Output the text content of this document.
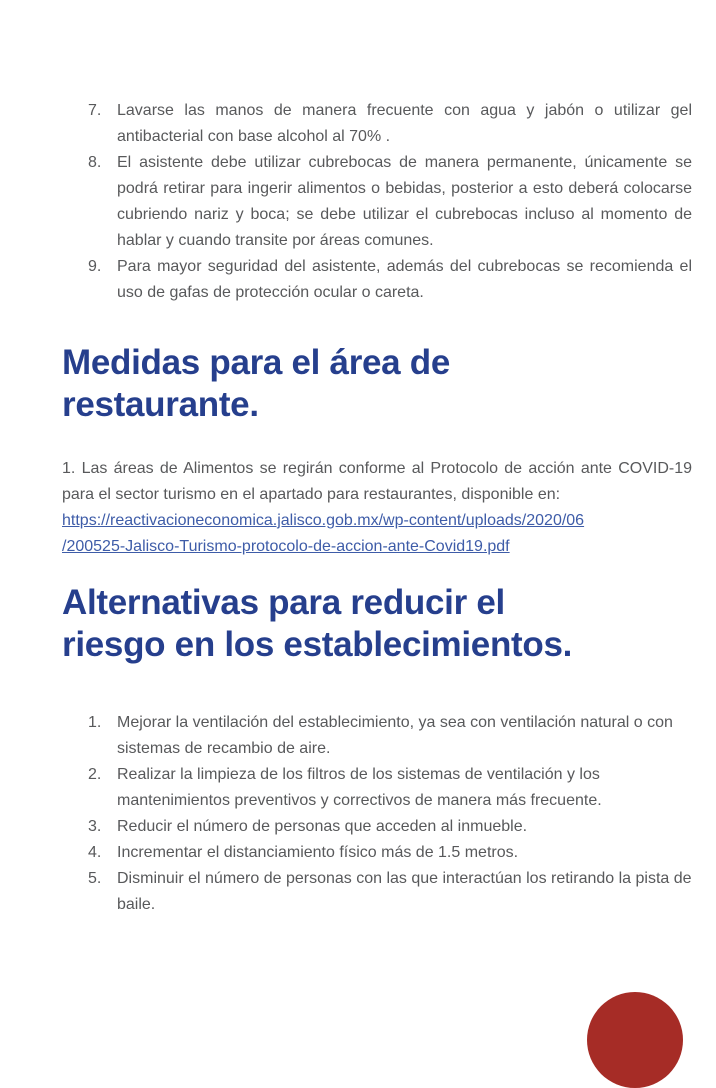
7. Lavarse las manos de manera frecuente con agua y jabón o utilizar gel antibacterial con base alcohol al 70% .
8. El asistente debe utilizar cubrebocas de manera permanente, únicamente se podrá retirar para ingerir alimentos o bebidas, posterior a esto deberá colocarse cubriendo nariz y boca; se debe utilizar el cubrebocas incluso al momento de hablar y cuando transite por áreas comunes.
9. Para mayor seguridad del asistente, además del cubrebocas se recomienda el uso de gafas de protección ocular o careta.
Medidas para el área de
restaurante.

1. Las áreas de Alimentos se regirán conforme al Protocolo de acción ante COVID-19 para el sector turismo en el apartado para restaurantes, disponible en:

https://reactivacioneconomica.jalisco.gob.mx/wp-content/uploads/2020/06
/200525-Jalisco-Turismo-protocolo-de-accion-ante-Covid19.pdf
Alternativas para reducir el
riesgo en los establecimientos.
1. Mejorar la ventilación del establecimiento, ya sea con ventilación natural o con sistemas de recambio de aire.
2. Realizar la limpieza de los filtros de los sistemas de ventilación y los mantenimientos preventivos y correctivos de manera más frecuente.
3. Reducir el número de personas que acceden al inmueble.
4. Incrementar el distanciamiento físico más de 1.5 metros.
5. Disminuir el número de personas con las que interactúan los retirando la pista de baile.
